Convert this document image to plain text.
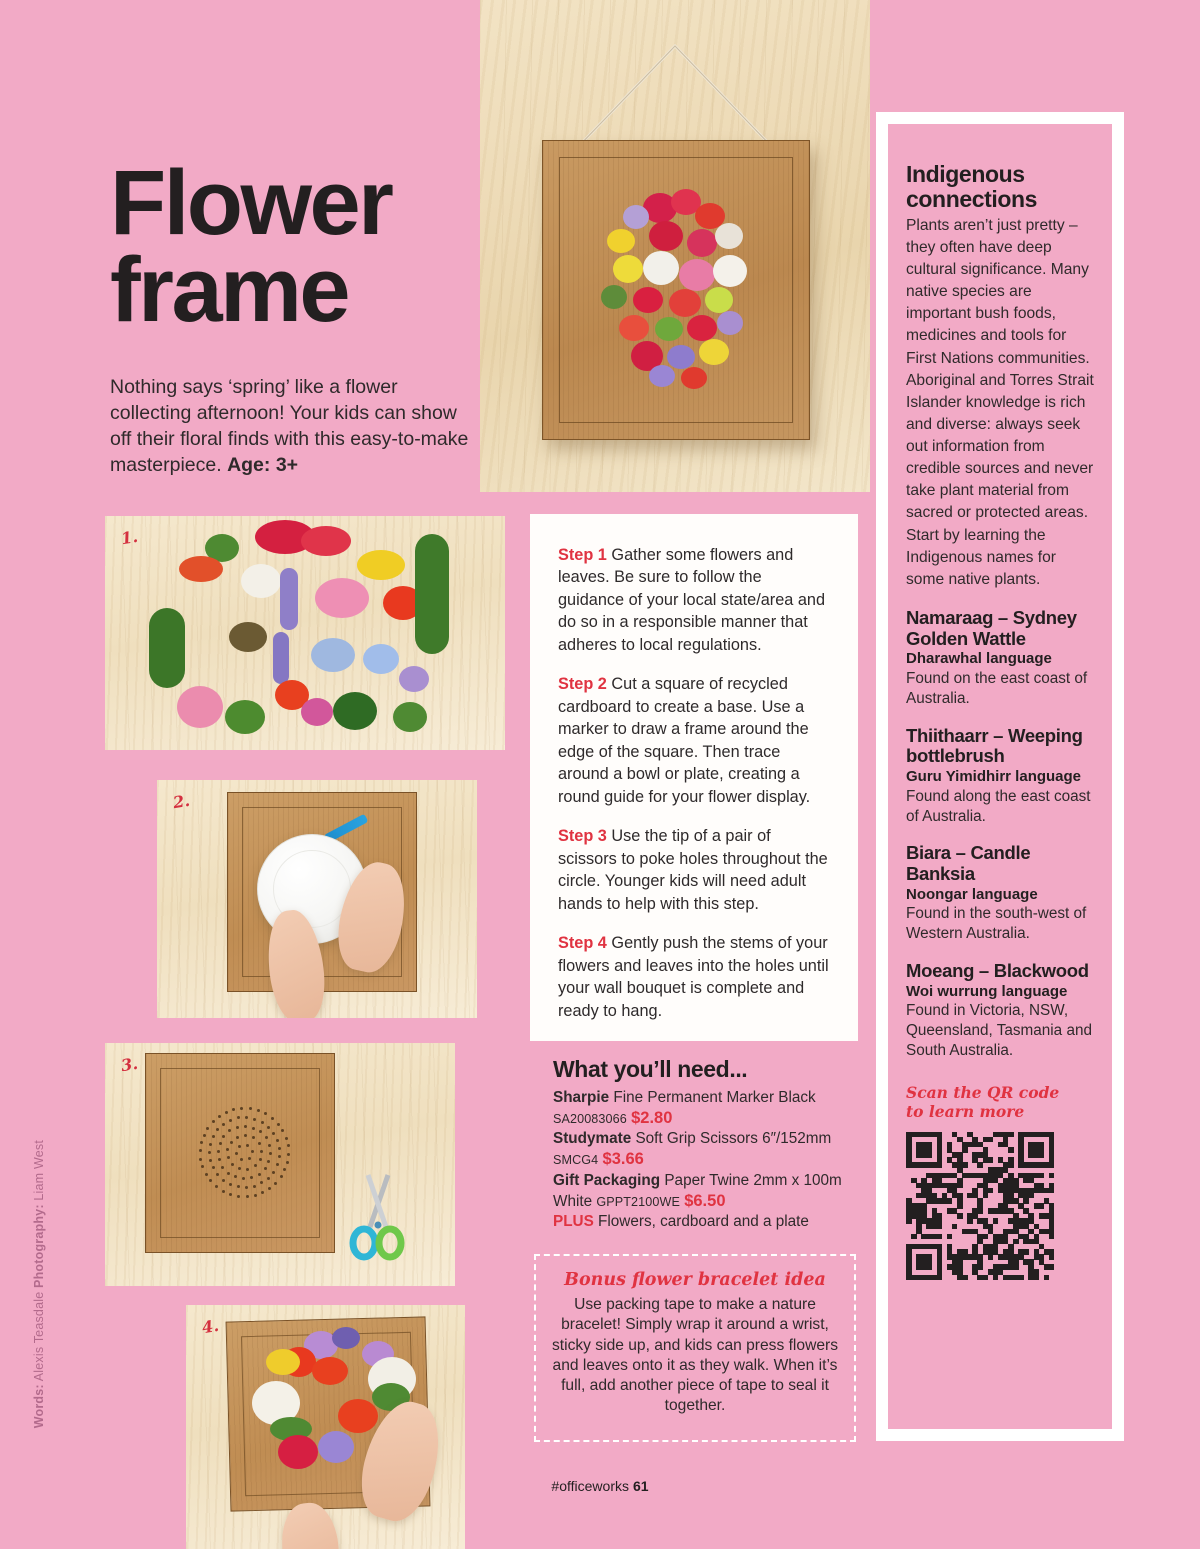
Flower
frame
Nothing says ‘spring’ like a flower collecting afternoon! Your kids can show off their floral finds with this easy-to-make masterpiece. Age: 3+
Words: Alexis Teasdale Photography: Liam West
1.
2.
3.
4.

Step 1 Gather some flowers and leaves. Be sure to follow the guidance of your local state/area and do so in a responsible manner that adheres to local regulations.

Step 2 Cut a square of recycled cardboard to create a base. Use a marker to draw a frame around the edge of the square. Then trace around a bowl or plate, creating a round guide for your flower display.

Step 3 Use the tip of a pair of scissors to poke holes throughout the circle. Younger kids will need adult hands to help with this step.

Step 4 Gently push the stems of your flowers and leaves into the holes until your wall bouquet is complete and ready to hang.

What you’ll need...
Sharpie Fine Permanent Marker Black
SA20083066 $2.80
Studymate Soft Grip Scissors 6″/152mm
SMCG4 $3.66
Gift Packaging Paper Twine 2mm x 100m White GPPT2100WE $6.50
PLUS Flowers, cardboard and a plate
Bonus flower bracelet idea
Use packing tape to make a nature bracelet! Simply wrap it around a wrist, sticky side up, and kids can press flowers and leaves onto it as they walk. When it’s full, add another piece of tape to seal it together.
Indigenous
connections
Plants aren’t just pretty – they often have deep cultural significance. Many native species are important bush foods, medicines and tools for First Nations communities. Aboriginal and Torres Strait Islander knowledge is rich and diverse: always seek out information from credible sources and never take plant material from sacred or protected areas. Start by learning the Indigenous names for some native plants.
Namaraag – Sydney Golden Wattle
Dharawhal language
Found on the east coast of Australia.
Thiithaarr – Weeping bottlebrush
Guru Yimidhirr language
Found along the east coast of Australia.
Biara – Candle Banksia
Noongar language
Found in the south-west of Western Australia.
Moeang – Blackwood
Woi wurrung language
Found in Victoria, NSW, Queensland, Tasmania and South Australia.
Scan the QR code
to learn more
#officeworks 61
